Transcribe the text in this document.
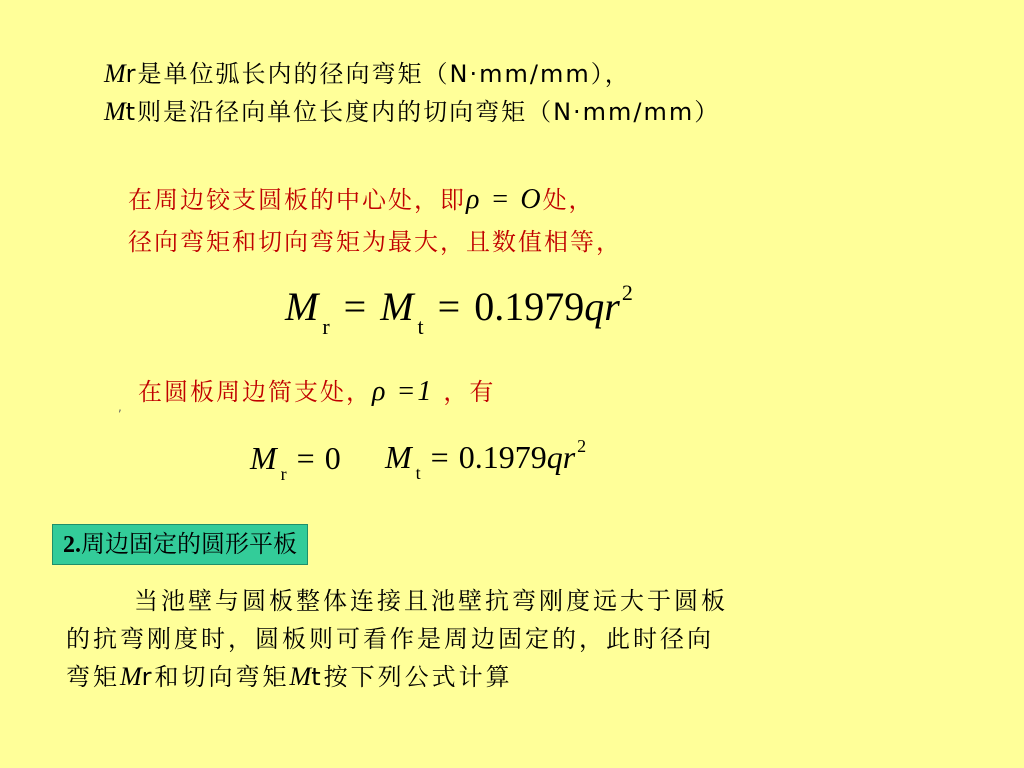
Mr是单位弧长内的径向弯矩（N·mm/mm），
Mt则是沿径向单位长度内的切向弯矩（N·mm/mm）
在周边铰支圆板的中心处，即ρ = O处，
径向弯矩和切向弯矩为最大，且数值相等，
M $_r$ = M $_t = 0.1979qr^2$
,
在圆板周边简支处，ρ =1 ，有
M $_r$ = 0 M $_t$ = 0.1979qr $^2$
2.周边固定的圆形平板
当池壁与圆板整体连接且池壁抗弯刚度远大于圆板
的抗弯刚度时，圆板则可看作是周边固定的，此时径向
弯矩Mr和切向弯矩Mt按下列公式计算
